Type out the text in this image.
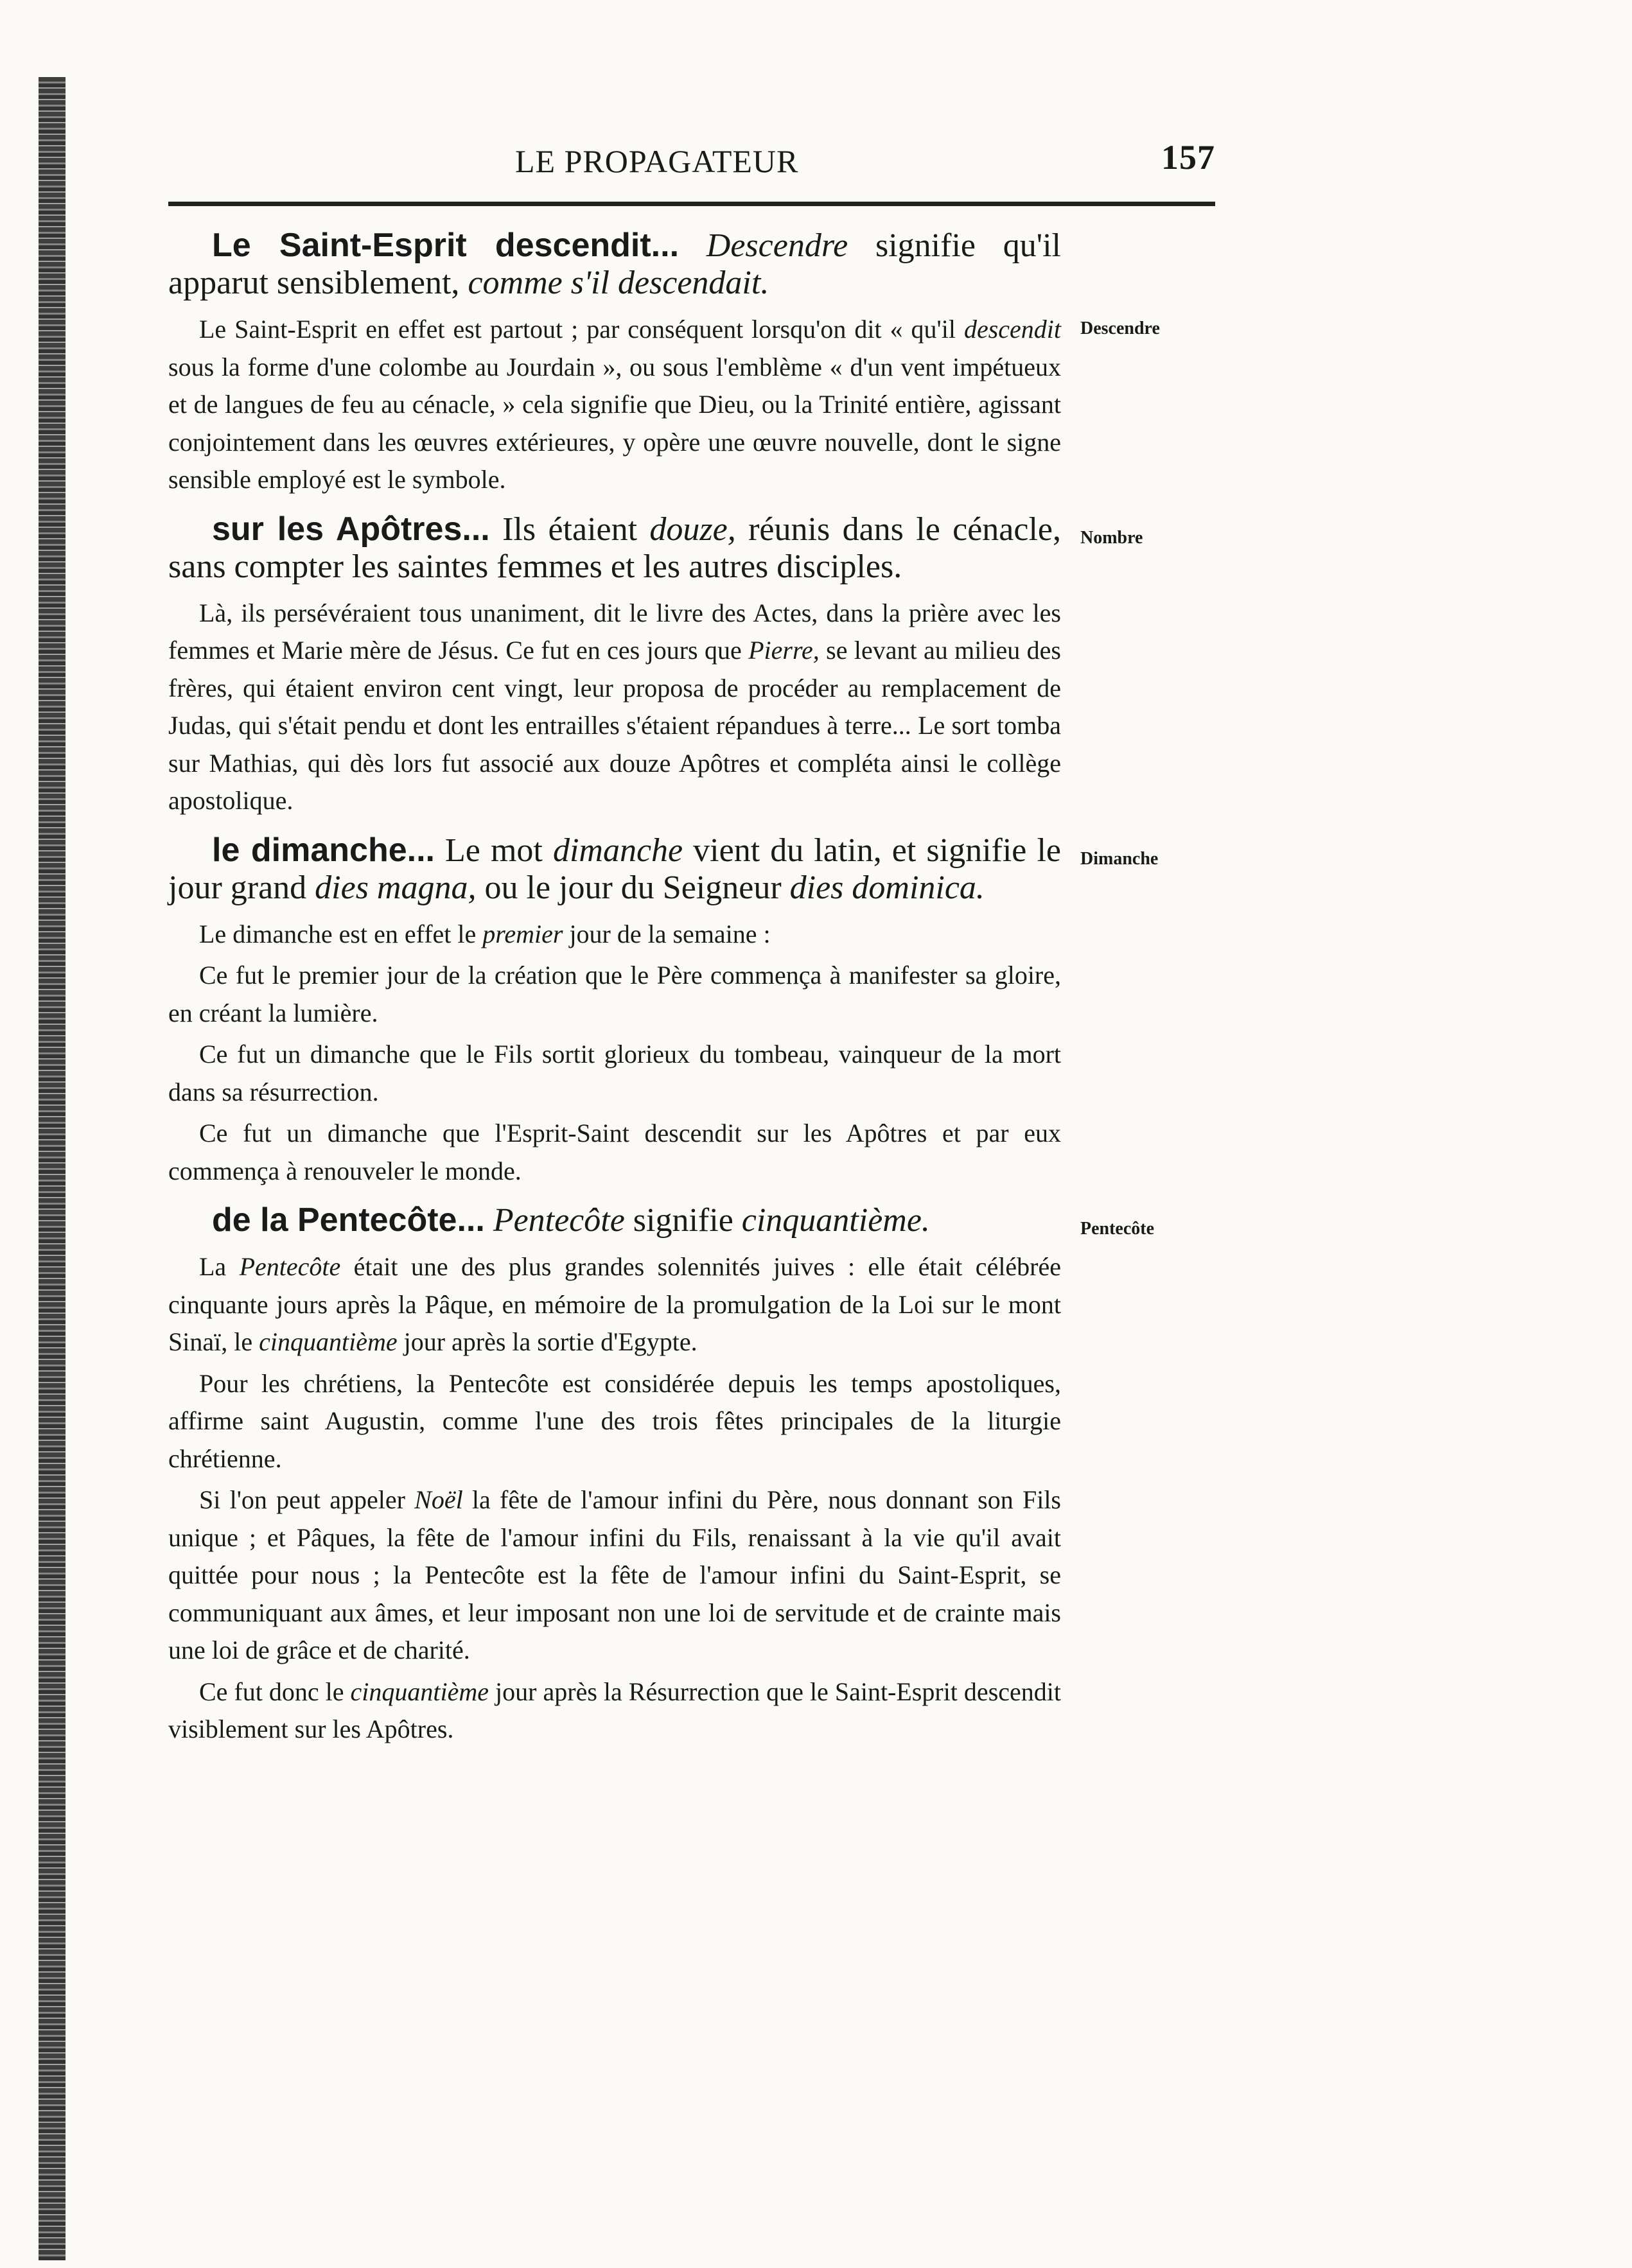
LE PROPAGATEUR	157
Le Saint-Esprit descendit... Descendre signifie qu'il apparut sensiblement, comme s'il descendait.
Descendre

Le Saint-Esprit en effet est partout ; par conséquent lorsqu'on dit « qu'il descendit sous la forme d'une colombe au Jourdain », ou sous l'emblème « d'un vent impétueux et de langues de feu au cénacle, » cela signifie que Dieu, ou la Trinité entière, agissant conjointement dans les œuvres extérieures, y opère une œuvre nouvelle, dont le signe sensible employé est le symbole.

sur les Apôtres... Ils étaient douze, réunis dans le cénacle, sans compter les saintes femmes et les autres disciples.
Nombre

Là, ils persévéraient tous unaniment, dit le livre des Actes, dans la prière avec les femmes et Marie mère de Jésus. Ce fut en ces jours que Pierre, se levant au milieu des frères, qui étaient environ cent vingt, leur proposa de procéder au remplacement de Judas, qui s'était pendu et dont les entrailles s'étaient répandues à terre... Le sort tomba sur Mathias, qui dès lors fut associé aux douze Apôtres et compléta ainsi le collège apostolique.

le dimanche... Le mot dimanche vient du latin, et signifie le jour grand dies magna, ou le jour du Seigneur dies dominica.
Dimanche

Le dimanche est en effet le premier jour de la semaine :

Ce fut le premier jour de la création que le Père commença à manifester sa gloire, en créant la lumière.

Ce fut un dimanche que le Fils sortit glorieux du tombeau, vainqueur de la mort dans sa résurrection.

Ce fut un dimanche que l'Esprit-Saint descendit sur les Apôtres et par eux commença à renouveler le monde.

de la Pentecôte... Pentecôte signifie cinquantième.	Pentecôte

La Pentecôte était une des plus grandes solennités juives : elle était célébrée cinquante jours après la Pâque, en mémoire de la promulgation de la Loi sur le mont Sinaï, le cinquantième jour après la sortie d'Egypte.

Pour les chrétiens, la Pentecôte est considérée depuis les temps apostoliques, affirme saint Augustin, comme l'une des trois fêtes principales de la liturgie chrétienne.

Si l'on peut appeler Noël la fête de l'amour infini du Père, nous donnant son Fils unique ; et Pâques, la fête de l'amour infini du Fils, renaissant à la vie qu'il avait quittée pour nous ; la Pentecôte est la fête de l'amour infini du Saint-Esprit, se communiquant aux âmes, et leur imposant non une loi de servitude et de crainte mais une loi de grâce et de charité.

Ce fut donc le cinquantième jour après la Résurrection que le Saint-Esprit descendit visiblement sur les Apôtres.
